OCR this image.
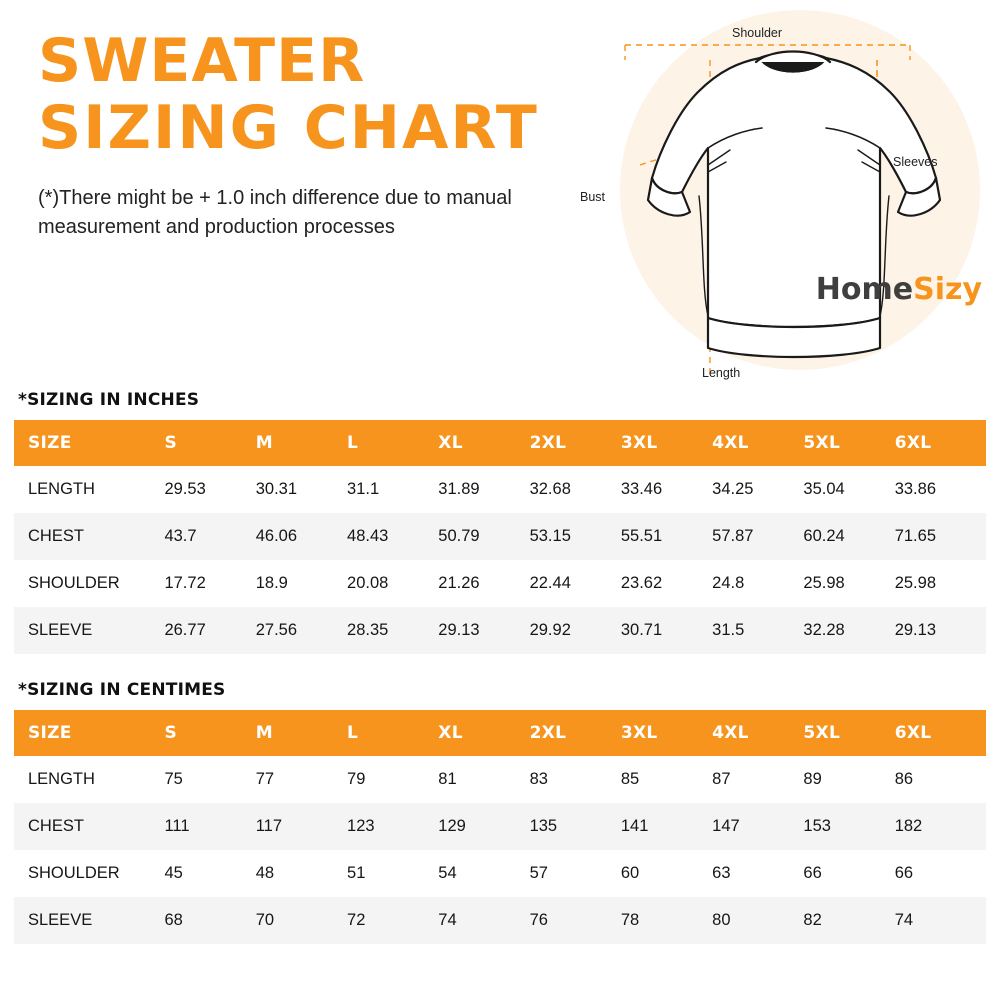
SWEATER
SIZING CHART
(*)There might be + 1.0 inch difference due to manual measurement and production processes
Shoulder
Sleeves
Bust
Length
HomeSizy
*SIZING IN INCHES
SIZE	S	M	L	XL	2XL	3XL	4XL	5XL	6XL
LENGTH	29.53	30.31	31.1	31.89	32.68	33.46	34.25	35.04	33.86
CHEST	43.7	46.06	48.43	50.79	53.15	55.51	57.87	60.24	71.65
SHOULDER	17.72	18.9	20.08	21.26	22.44	23.62	24.8	25.98	25.98
SLEEVE	26.77	27.56	28.35	29.13	29.92	30.71	31.5	32.28	29.13
*SIZING IN CENTIMES
SIZE	S	M	L	XL	2XL	3XL	4XL	5XL	6XL
LENGTH	75	77	79	81	83	85	87	89	86
CHEST	111	117	123	129	135	141	147	153	182
SHOULDER	45	48	51	54	57	60	63	66	66
SLEEVE	68	70	72	74	76	78	80	82	74
